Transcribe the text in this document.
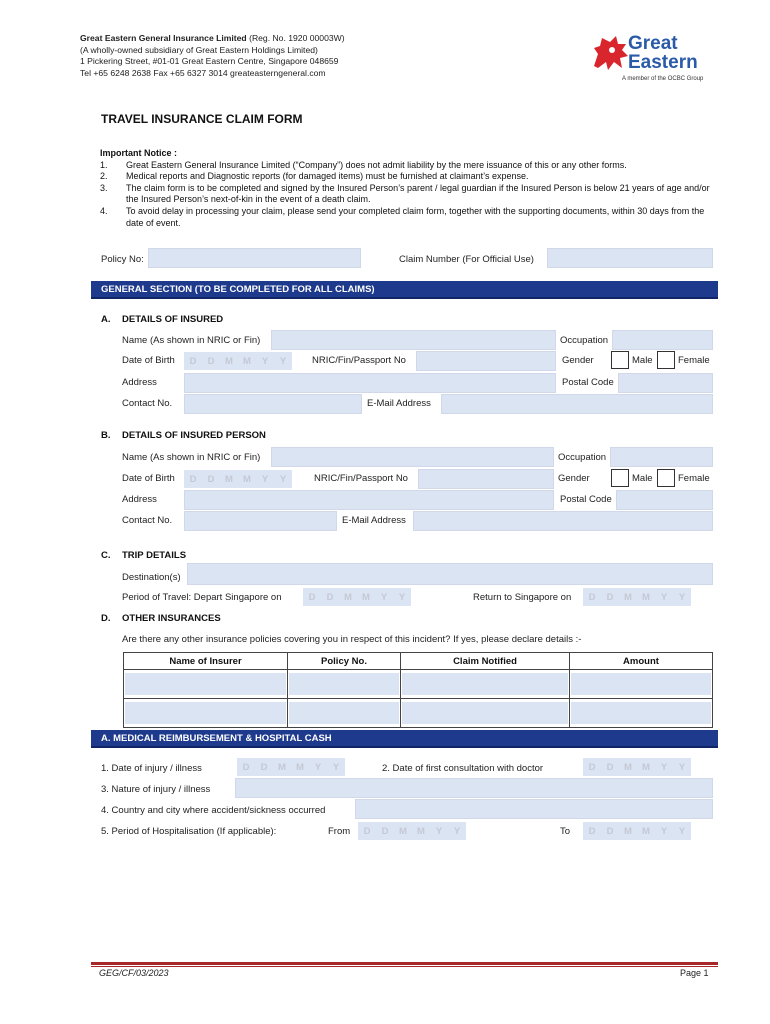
Great Eastern General Insurance Limited (Reg. No. 1920 00003W)
(A wholly-owned subsidiary of Great Eastern Holdings Limited)
1 Pickering Street, #01-01 Great Eastern Centre, Singapore 048659
Tel +65 6248 2638 Fax +65 6327 3014 greateasterngeneral.com
Great
Eastern
A member of the OCBC Group
TRAVEL INSURANCE CLAIM FORM
Important Notice :
1.	Great Eastern General Insurance Limited (“Company”) does not admit liability by the mere issuance of this or any other forms.
2.	Medical reports and Diagnostic reports (for damaged items) must be furnished at claimant’s expense.
3.	The claim form is to be completed and signed by the Insured Person’s parent / legal guardian if the Insured Person is below 21 years of age and/or the Insured Person’s next-of-kin in the event of a death claim.
4.	To avoid delay in processing your claim, please send your completed claim form, together with the supporting documents, within 30 days from the date of event.
Policy No:	Claim Number (For Official Use)
GENERAL SECTION (TO BE COMPLETED FOR ALL CLAIMS)
A. DETAILS OF INSURED
Name (As shown in NRIC or Fin)	Occupation
Date of Birth	D	D	M	M	Y	Y	NRIC/Fin/Passport No	Gender	Male	Female
Address	Postal Code
Contact No.	E-Mail Address
B. DETAILS OF INSURED PERSON
Name (As shown in NRIC or Fin)	Occupation
Date of Birth	D	D	M	M	Y	Y	NRIC/Fin/Passport No	Gender	Male	Female
Address	Postal Code
Contact No.	E-Mail Address
C. TRIP DETAILS
Destination(s)
Period of Travel: Depart Singapore on	D	D	M	M	Y	Y	Return to Singapore on	D	D	M	M	Y	Y
D. OTHER INSURANCES
Are there any other insurance policies covering you in respect of this incident? If yes, please declare details :-
Name of Insurer	Policy No.	Claim Notified	Amount

A. MEDICAL REIMBURSEMENT & HOSPITAL CASH
1. Date of injury / illness	D	D	M	M	Y	Y	2. Date of first consultation with doctor	D	D	M	M	Y	Y
3. Nature of injury / illness
4. Country and city where accident/sickness occurred
5. Period of Hospitalisation (If applicable):	From	D	D	M	M	Y	Y	To	D	D	M	M	Y	Y
GEG/CF/03/2023	Page 1
